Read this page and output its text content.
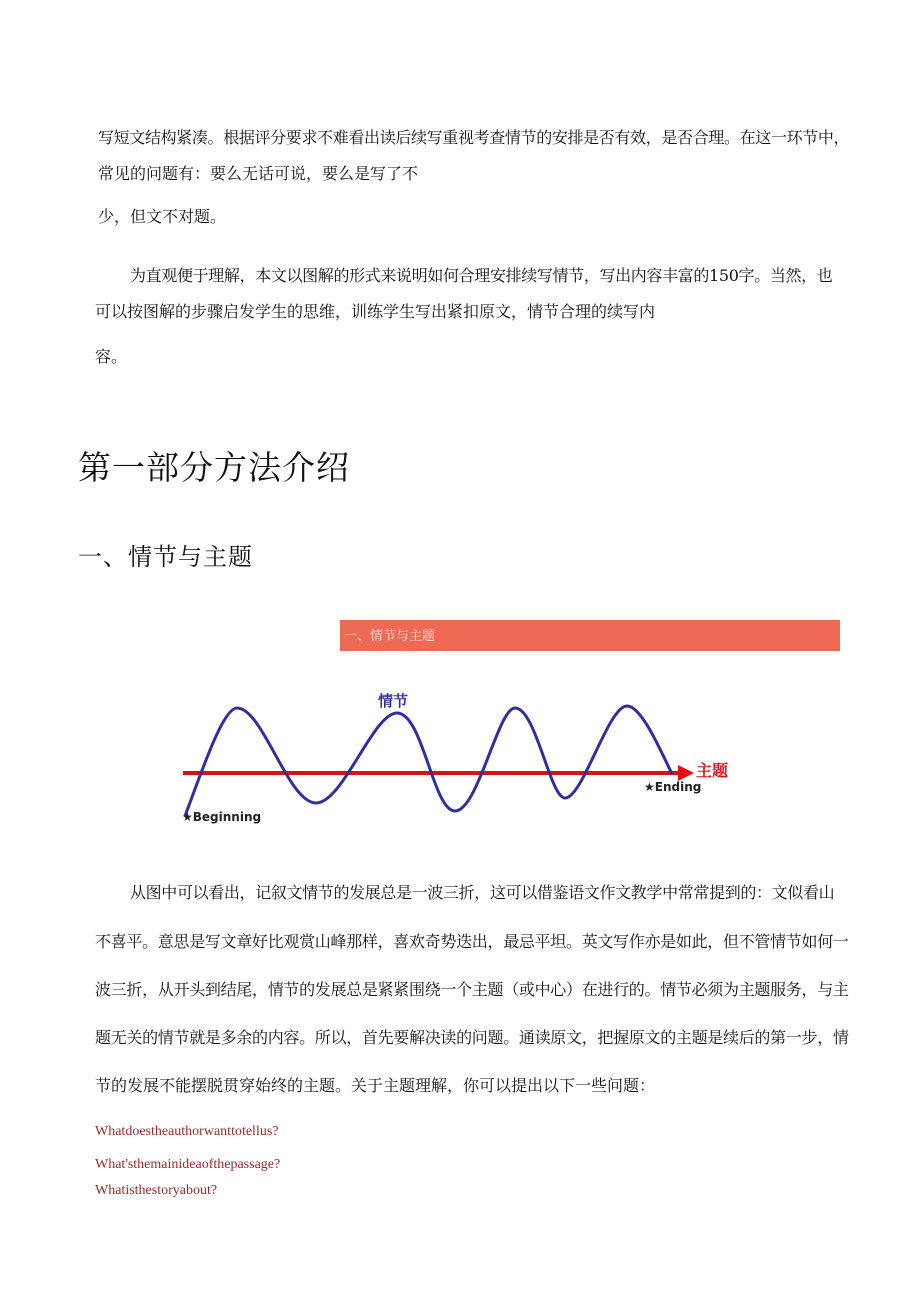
写短文结构紧凑。根据评分要求不难看出读后续写重视考查情节的安排是否有效，是否合理。在这一环节中，

常见的问题有：要么无话可说，要么是写了不

少，但文不对题。

为直观便于理解，本文以图解的形式来说明如何合理安排续写情节，写出内容丰富的150字。当然，也

可以按图解的步骤启发学生的思维，训练学生写出紧扣原文，情节合理的续写内

容。

第一部分方法介绍
一、情节与主题
一、情节与主题
情节
主题
★Beginning
★Ending

从图中可以看出，记叙文情节的发展总是一波三折，这可以借鉴语文作文教学中常常提到的：文似看山

不喜平。意思是写文章好比观赏山峰那样，喜欢奇势迭出，最忌平坦。英文写作亦是如此，但不管情节如何一

波三折，从开头到结尾，情节的发展总是紧紧围绕一个主题（或中心）在进行的。情节必须为主题服务，与主

题无关的情节就是多余的内容。所以，首先要解决读的问题。通读原文，把握原文的主题是续后的第一步，情

节的发展不能摆脱贯穿始终的主题。关于主题理解，你可以提出以下一些问题：

Whatdoestheauthorwanttotellus?

What'sthemainideaofthepassage?

Whatisthestoryabout?
